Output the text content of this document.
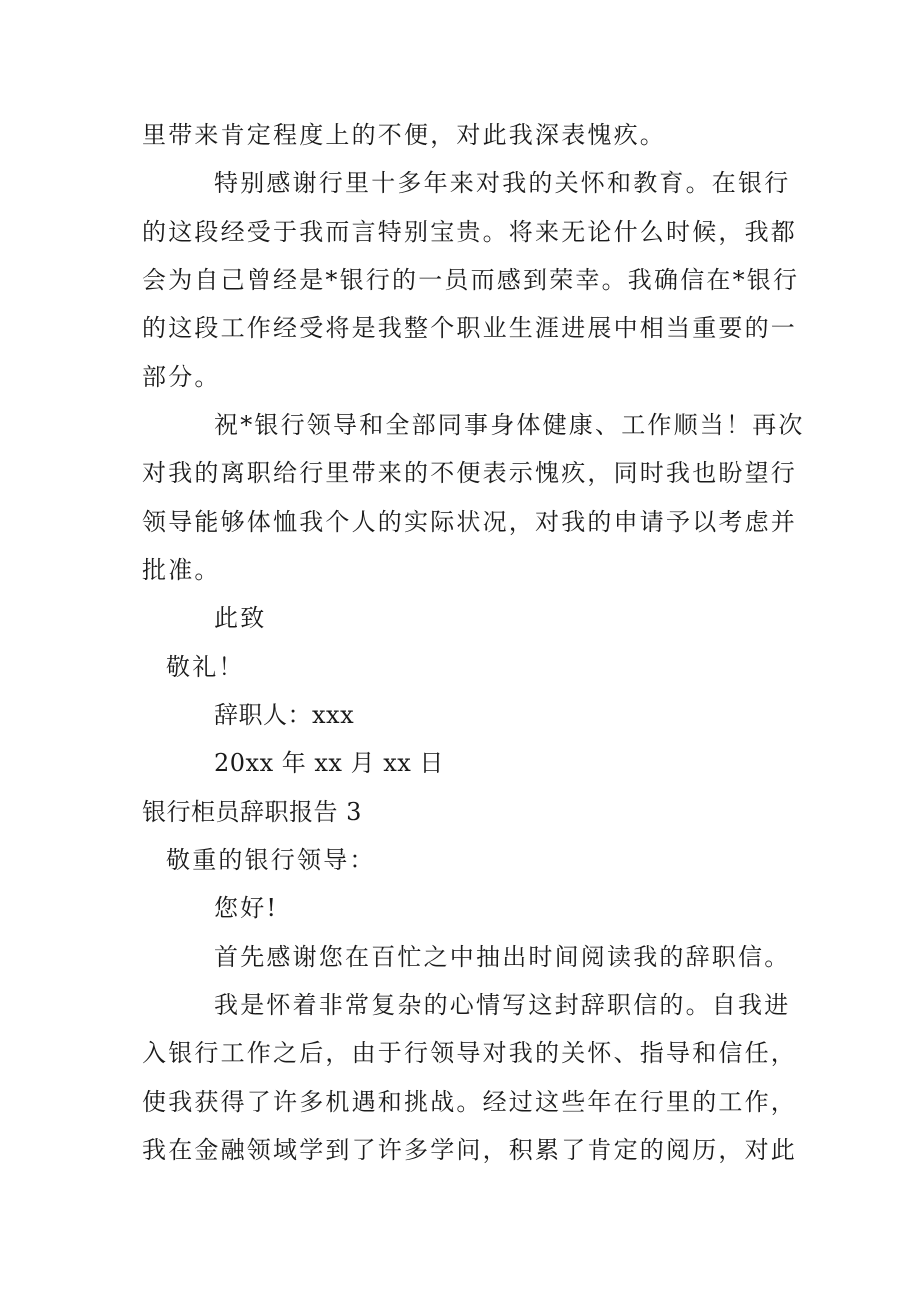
里带来肯定程度上的不便，对此我深表愧疚。
特别感谢行里十多年来对我的关怀和教育。在银行
的这段经受于我而言特别宝贵。将来无论什么时候，我都
会为自己曾经是*银行的一员而感到荣幸。我确信在*银行
的这段工作经受将是我整个职业生涯进展中相当重要的一
部分。
祝*银行领导和全部同事身体健康、工作顺当！再次
对我的离职给行里带来的不便表示愧疚，同时我也盼望行
领导能够体恤我个人的实际状况，对我的申请予以考虑并
批准。
此致
敬礼！
辞职人：xxx
20xx 年 xx 月 xx 日
银行柜员辞职报告 3
敬重的银行领导：
您好!
首先感谢您在百忙之中抽出时间阅读我的辞职信。
我是怀着非常复杂的心情写这封辞职信的。自我进
入银行工作之后，由于行领导对我的关怀、指导和信任，
使我获得了许多机遇和挑战。经过这些年在行里的工作，
我在金融领域学到了许多学问，积累了肯定的阅历，对此
